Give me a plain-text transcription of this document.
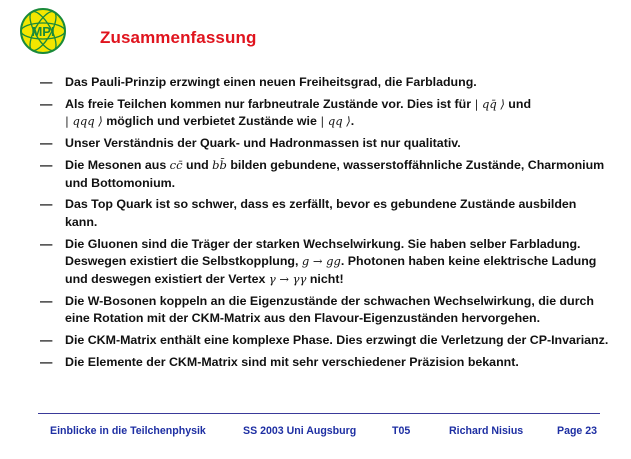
MPI	Zusammenfassung
— Das Pauli-Prinzip erzwingt einen neuen Freiheitsgrad, die Farbladung.
— Als freie Teilchen kommen nur farbneutrale Zustände vor. Dies ist für | qq̄ ⟩ und
| qqq ⟩ möglich und verbietet Zustände wie | qq ⟩.
— Unser Verständnis der Quark- und Hadronmassen ist nur qualitativ.
— Die Mesonen aus cc̄ und bb̄ bilden gebundene, wasserstoffähnliche Zustände, Charmonium und Bottomonium.
— Das Top Quark ist so schwer, dass es zerfällt, bevor es gebundene Zustände ausbilden kann.
— Die Gluonen sind die Träger der starken Wechselwirkung. Sie haben selber Farbladung. Deswegen existiert die Selbstkopplung, g → gg. Photonen haben keine elektrische Ladung und deswegen existiert der Vertex γ → γγ nicht!
— Die W-Bosonen koppeln an die Eigenzustände der schwachen Wechselwirkung, die durch eine Rotation mit der CKM-Matrix aus den Flavour-Eigenzuständen hervorgehen.
— Die CKM-Matrix enthält eine komplexe Phase. Dies erzwingt die Verletzung der CP-Invarianz.
— Die Elemente der CKM-Matrix sind mit sehr verschiedener Präzision bekannt.
Einblicke in die Teilchenphysik	SS 2003 Uni Augsburg	T05	Richard Nisius	Page 23
